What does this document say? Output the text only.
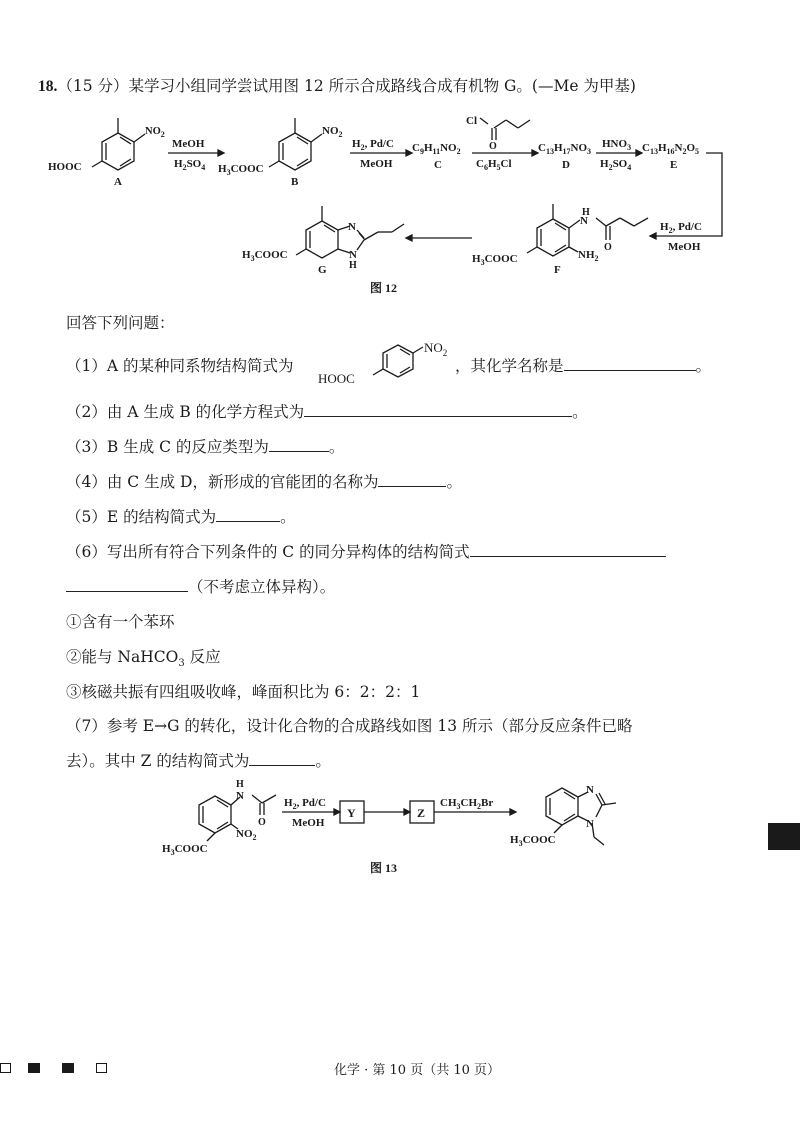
18.（15 分）某学习小组同学尝试用图 12 所示合成路线合成有机物 G。(—Me 为甲基)
$NO_2$
HOOC
A
MeOH
$H_2SO_4$
$NO_2$
$H_3COOC$
B
$H_2$, Pd/C
MeOH
$C_9H_{11}NO_2$
C
Cl
O
$C_6H_5Cl$
$C_{13}H_{17}NO_3$
D
$HNO_3$
$H_2SO_4$
$C_{13}H_{16}N_2O_5$
E
$H_2$, Pd/C
MeOH
H
N
O
$NH_2$
$H_3COOC$
F
N
N
H
$H_3COOC$
G
图 12
回答下列问题：
（1）A 的某种同系物结构简式为
$NO_2$
HOOC
，其化学名称是	。
（2）由 A 生成 B 的化学方程式为	。
（3）B 生成 C 的反应类型为	。
（4）由 C 生成 D，新形成的官能团的名称为	。
（5）E 的结构简式为	。
（6）写出所有符合下列条件的 C 的同分异构体的结构简式
（不考虑立体异构）。
①含有一个苯环
②能与 NaHCO$_3$ 反应
③核磁共振有四组吸收峰，峰面积比为 6：2：2：1
（7）参考 E→G 的转化，设计化合物的合成路线如图 13 所示（部分反应条件已略
去）。其中 Z 的结构简式为	。
H
N
O
$NO_2$
$H_3COOC$
$H_2$, Pd/C
MeOH
Y	Z
$CH_3CH_2Br$
N
N
$H_3COOC$
图 13
化学 · 第 10 页（共 10 页）
